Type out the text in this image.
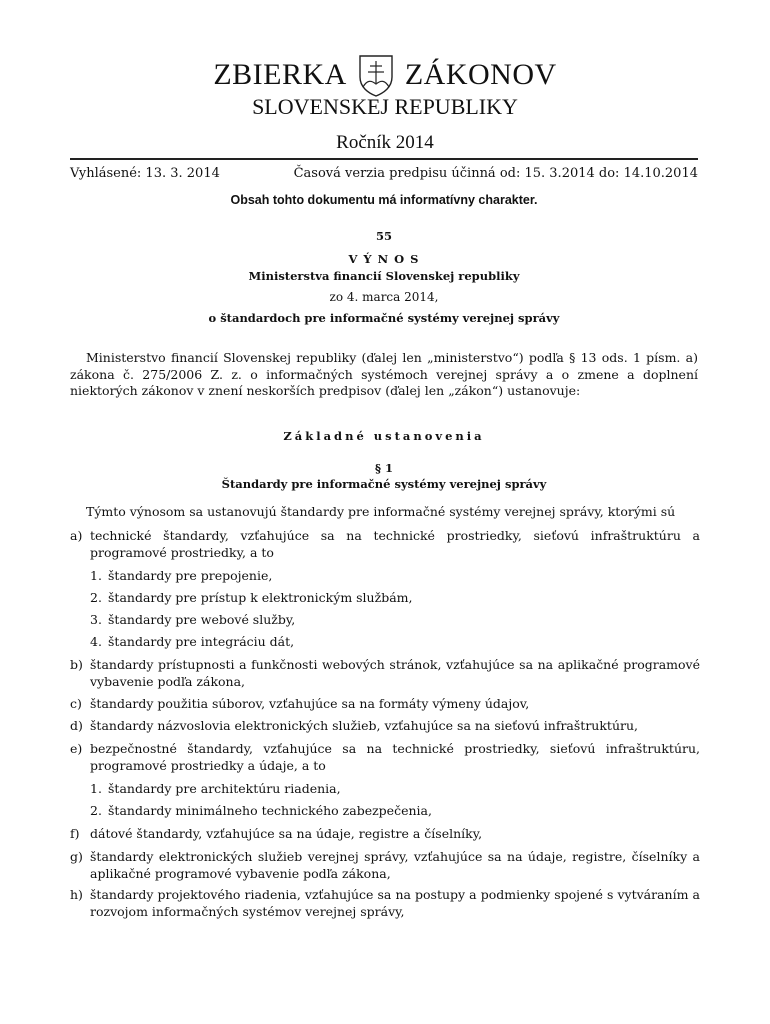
ZBIERKA ZÁKONOV
SLOVENSKEJ REPUBLIKY
Ročník 2014
Vyhlásené: 13. 3. 2014	Časová verzia predpisu účinná od: 15. 3.2014 do: 14.10.2014
Obsah tohto dokumentu má informatívny charakter.
55
V Ý N O S
Ministerstva financií Slovenskej republiky
zo 4. marca 2014,
o štandardoch pre informačné systémy verejnej správy
Ministerstvo financií Slovenskej republiky (ďalej len „ministerstvo“) podľa § 13 ods. 1 písm. a) zákona č. 275/2006 Z. z. o informačných systémoch verejnej správy a o zmene a doplnení niektorých zákonov v znení neskorších predpisov (ďalej len „zákon“) ustanovuje:
Základné ustanovenia
§ 1
Štandardy pre informačné systémy verejnej správy
Týmto výnosom sa ustanovujú štandardy pre informačné systémy verejnej správy, ktorými sú
a) technické štandardy, vzťahujúce sa na technické prostriedky, sieťovú infraštruktúru a programové prostriedky, a to
1. štandardy pre prepojenie,
2. štandardy pre prístup k elektronickým službám,
3. štandardy pre webové služby,
4. štandardy pre integráciu dát,
b) štandardy prístupnosti a funkčnosti webových stránok, vzťahujúce sa na aplikačné programové vybavenie podľa zákona,
c) štandardy použitia súborov, vzťahujúce sa na formáty výmeny údajov,
d) štandardy názvoslovia elektronických služieb, vzťahujúce sa na sieťovú infraštruktúru,
e) bezpečnostné štandardy, vzťahujúce sa na technické prostriedky, sieťovú infraštruktúru, programové prostriedky a údaje, a to
1. štandardy pre architektúru riadenia,
2. štandardy minimálneho technického zabezpečenia,
f) dátové štandardy, vzťahujúce sa na údaje, registre a číselníky,
g) štandardy elektronických služieb verejnej správy, vzťahujúce sa na údaje, registre, číselníky a aplikačné programové vybavenie podľa zákona,
h) štandardy projektového riadenia, vzťahujúce sa na postupy a podmienky spojené s vytváraním a rozvojom informačných systémov verejnej správy,
